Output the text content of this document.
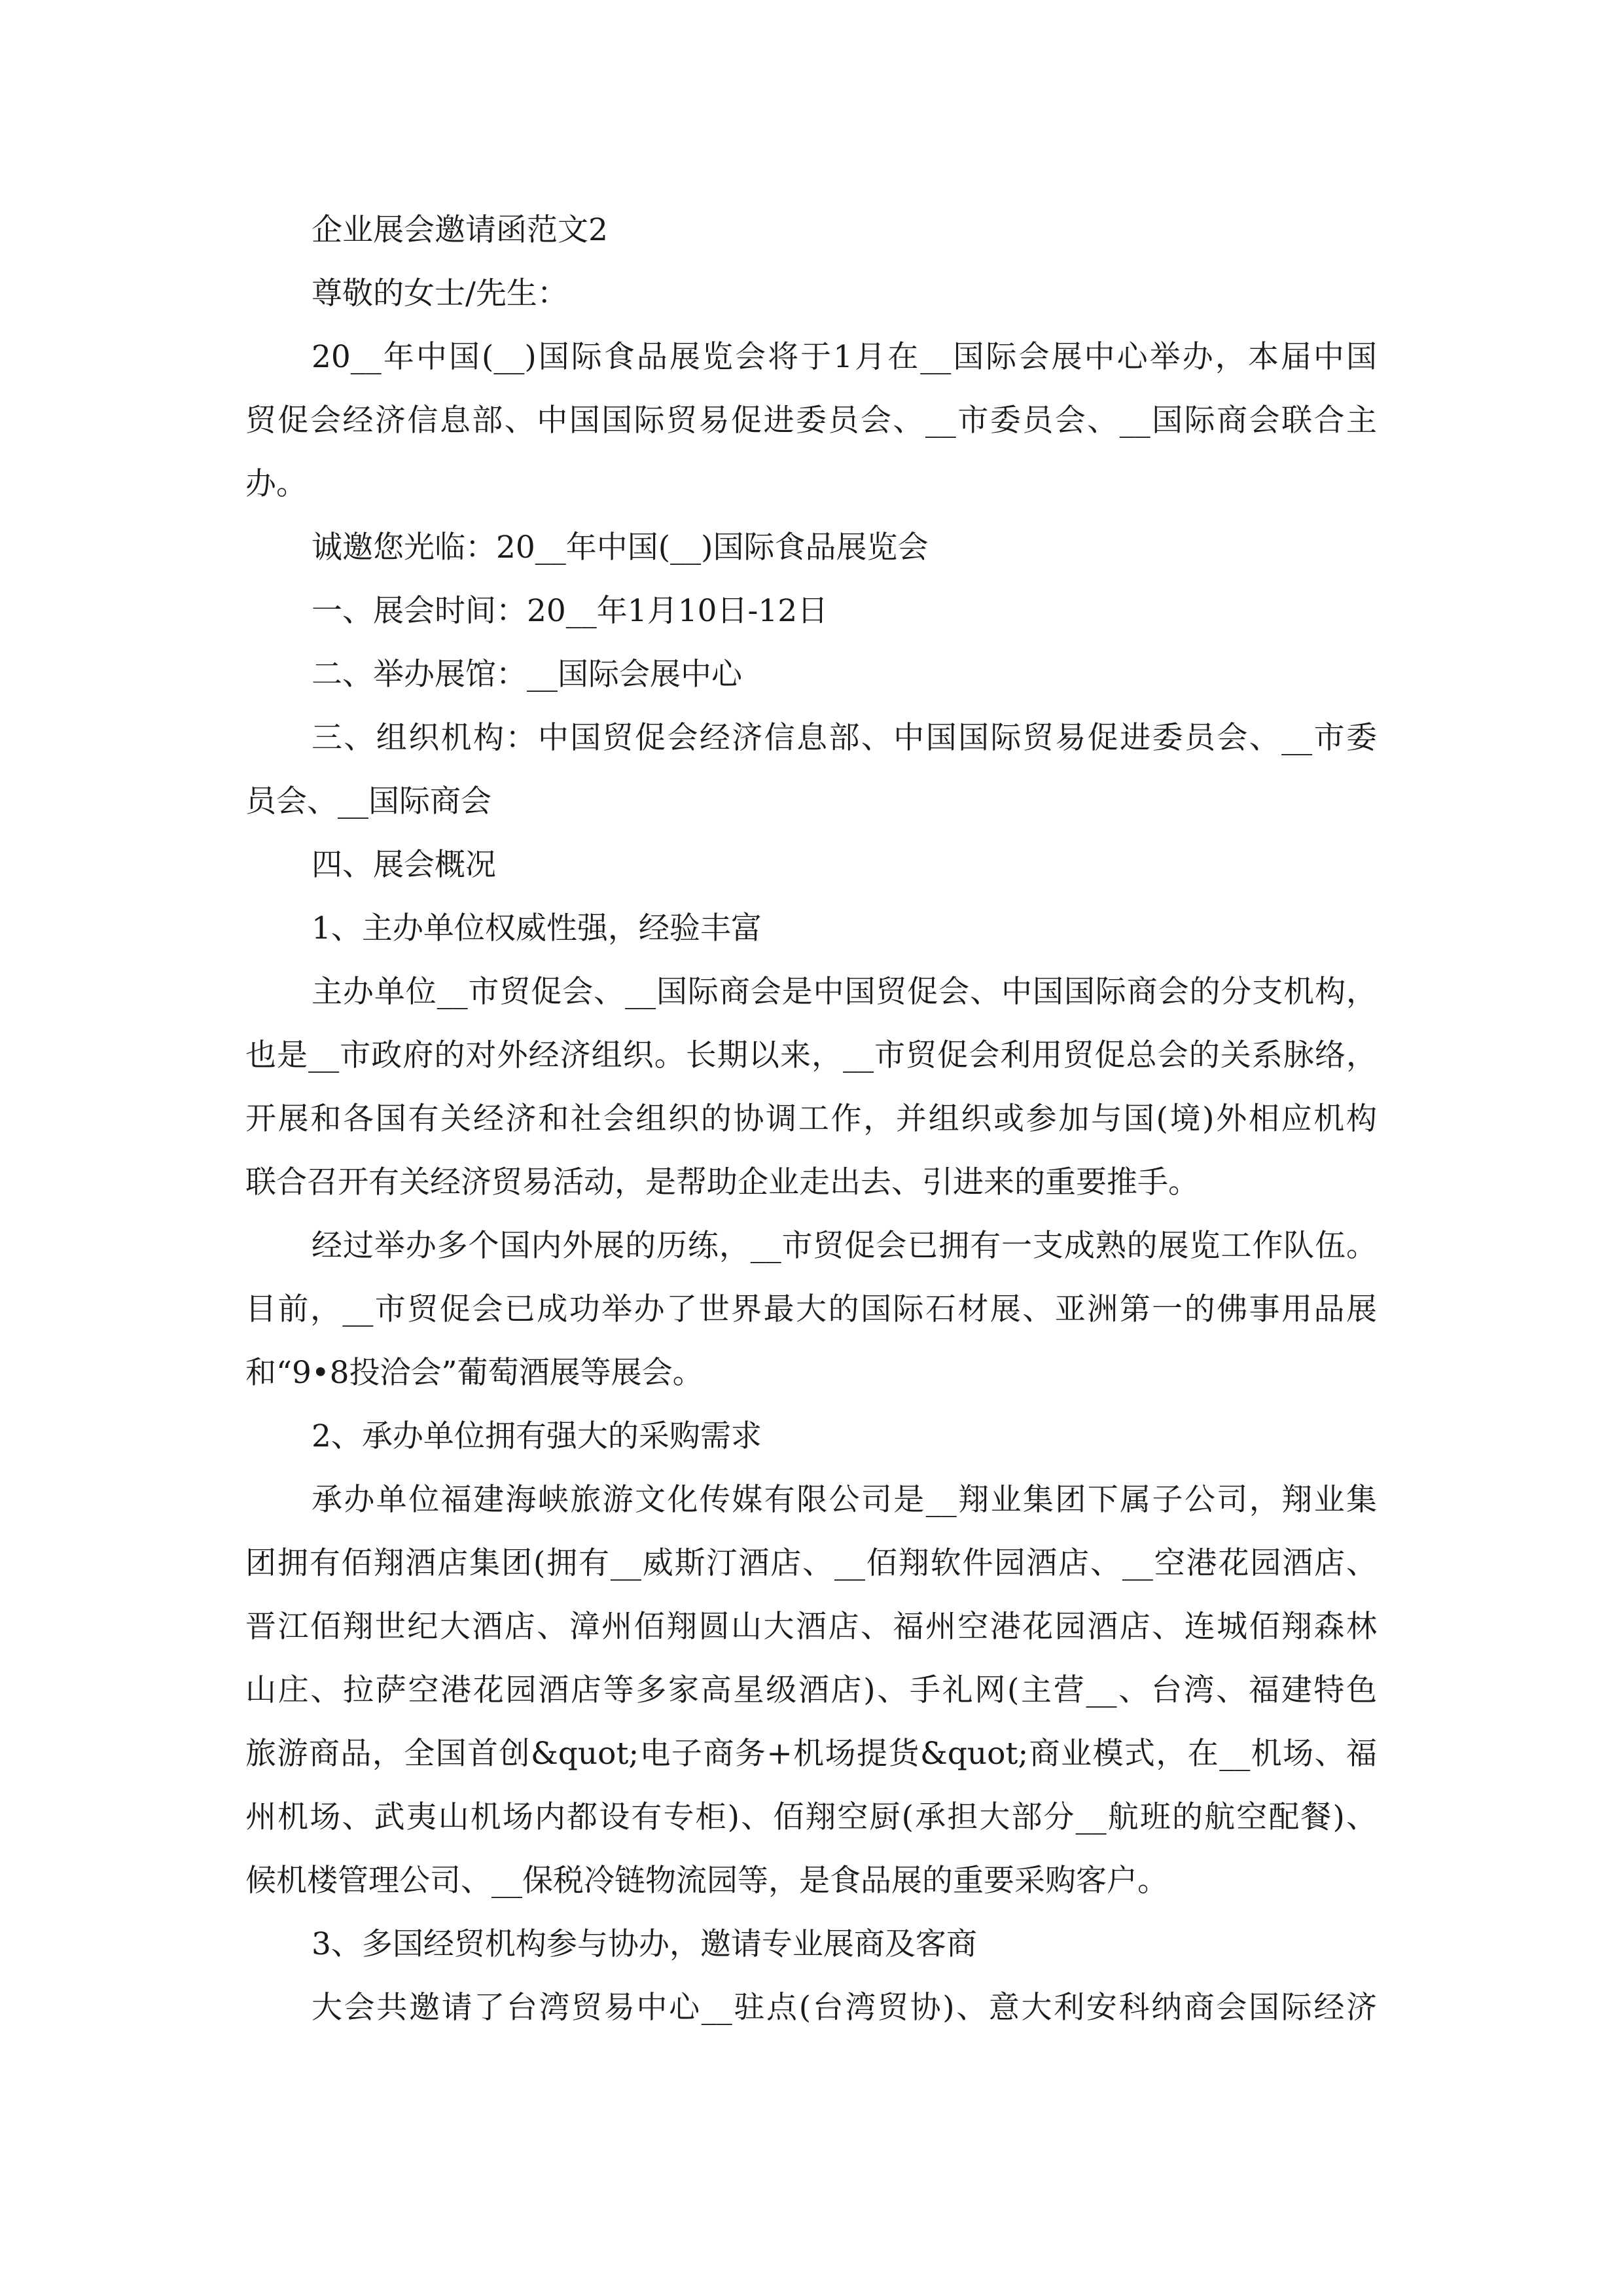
企业展会邀请函范文2
尊敬的女士/先生：
20__年中国(__)国际食品展览会将于1月在__国际会展中心举办，本届中国
贸促会经济信息部、中国国际贸易促进委员会、__市委员会、__国际商会联合主
办。
诚邀您光临：20__年中国(__)国际食品展览会
一、展会时间：20__年1月10日-12日
二、举办展馆：__国际会展中心
三、组织机构：中国贸促会经济信息部、中国国际贸易促进委员会、__市委
员会、__国际商会
四、展会概况
1、主办单位权威性强，经验丰富
主办单位__市贸促会、__国际商会是中国贸促会、中国国际商会的分支机构，
也是__市政府的对外经济组织。长期以来，__市贸促会利用贸促总会的关系脉络，
开展和各国有关经济和社会组织的协调工作，并组织或参加与国(境)外相应机构
联合召开有关经济贸易活动，是帮助企业走出去、引进来的重要推手。
经过举办多个国内外展的历练，__市贸促会已拥有一支成熟的展览工作队伍。
目前，__市贸促会已成功举办了世界最大的国际石材展、亚洲第一的佛事用品展
和“9•8投洽会”葡萄酒展等展会。
2、承办单位拥有强大的采购需求
承办单位福建海峡旅游文化传媒有限公司是__翔业集团下属子公司，翔业集
团拥有佰翔酒店集团(拥有__威斯汀酒店、__佰翔软件园酒店、__空港花园酒店、
晋江佰翔世纪大酒店、漳州佰翔圆山大酒店、福州空港花园酒店、连城佰翔森林
山庄、拉萨空港花园酒店等多家高星级酒店)、手礼网(主营__、台湾、福建特色
旅游商品，全国首创&quot;电子商务+机场提货&quot;商业模式，在__机场、福
州机场、武夷山机场内都设有专柜)、佰翔空厨(承担大部分__航班的航空配餐)、
候机楼管理公司、__保税冷链物流园等，是食品展的重要采购客户。
3、多国经贸机构参与协办，邀请专业展商及客商
大会共邀请了台湾贸易中心__驻点(台湾贸协)、意大利安科纳商会国际经济
